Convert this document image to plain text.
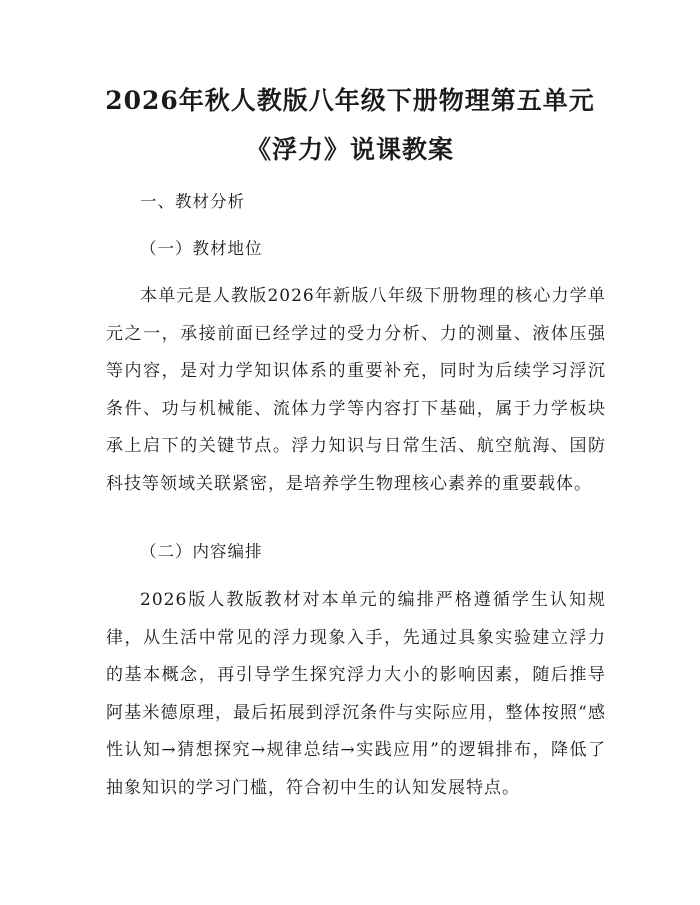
2026年秋人教版八年级下册物理第五单元
《浮力》说课教案
一、教材分析
（一）教材地位

本单元是人教版2026年新版八年级下册物理的核心力学单元之一，承接前面已经学过的受力分析、力的测量、液体压强等内容，是对力学知识体系的重要补充，同时为后续学习浮沉条件、功与机械能、流体力学等内容打下基础，属于力学板块承上启下的关键节点。浮力知识与日常生活、航空航海、国防科技等领域关联紧密，是培养学生物理核心素养的重要载体。

（二）内容编排

2026版人教版教材对本单元的编排严格遵循学生认知规律，从生活中常见的浮力现象入手，先通过具象实验建立浮力的基本概念，再引导学生探究浮力大小的影响因素，随后推导阿基米德原理，最后拓展到浮沉条件与实际应用，整体按照“感性认知→猜想探究→规律总结→实践应用”的逻辑排布，降低了抽象知识的学习门槛，符合初中生的认知发展特点。
